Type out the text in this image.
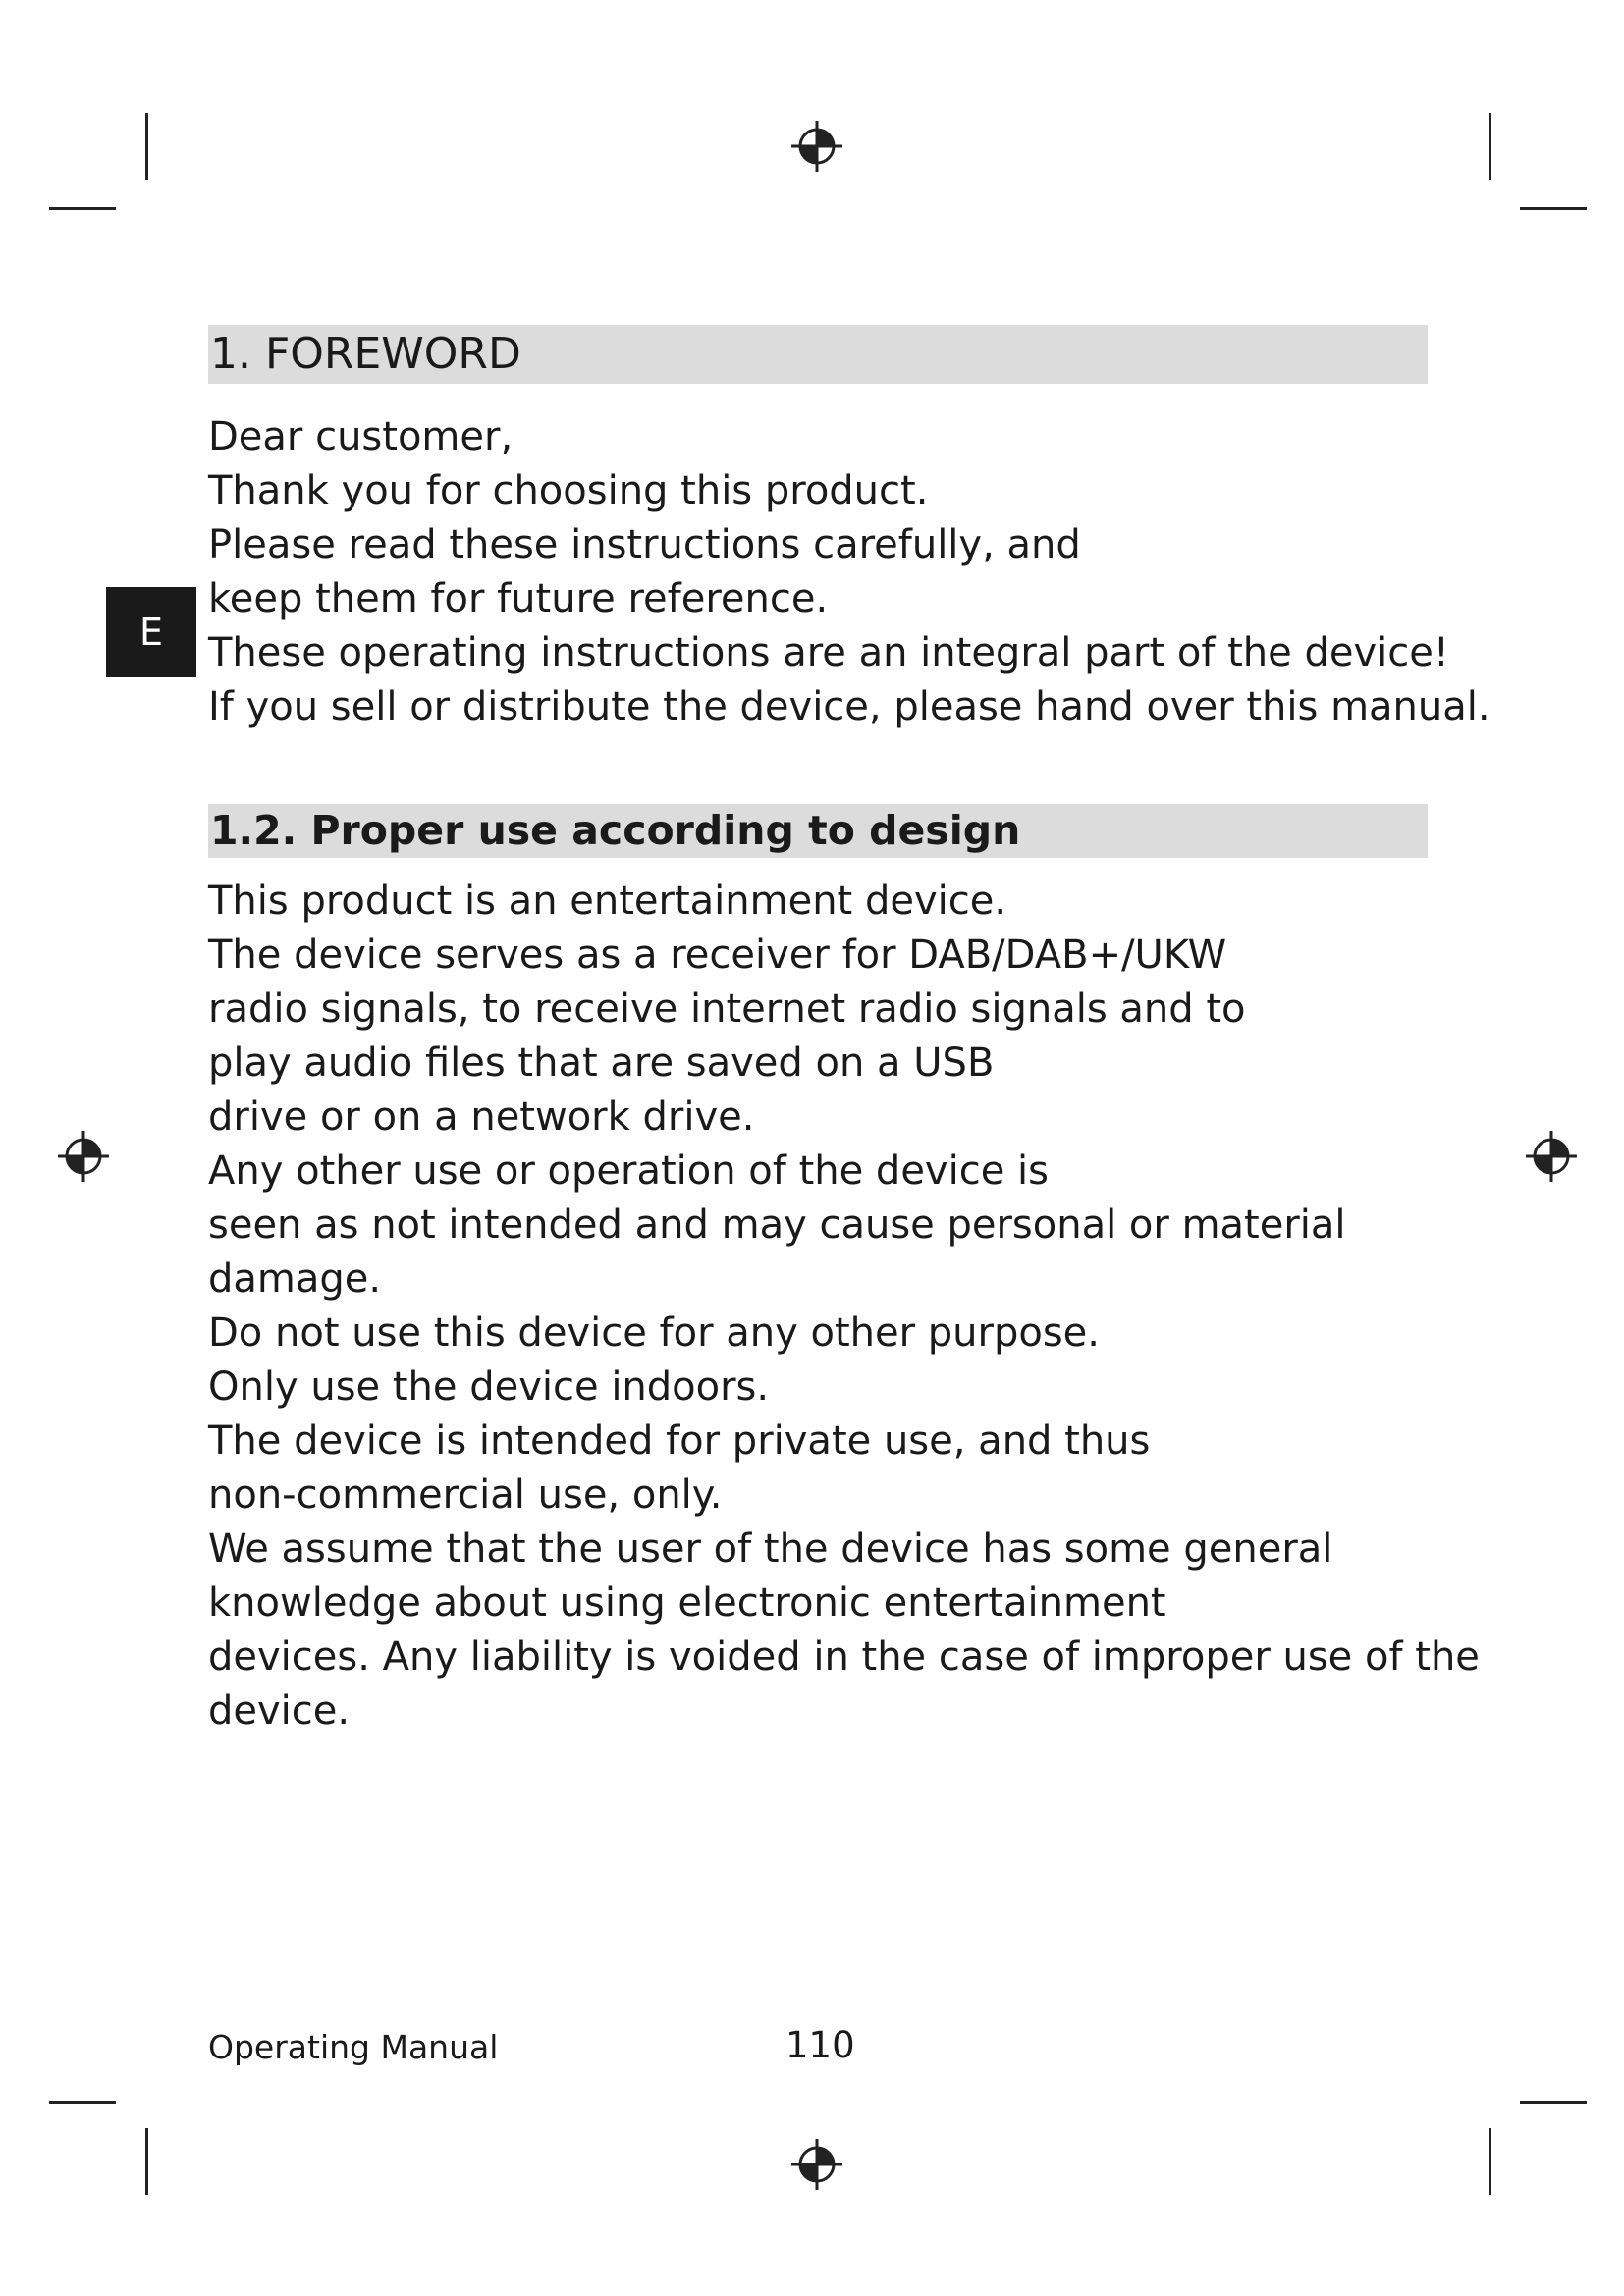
E
1. FOREWORD
Dear customer,
Thank you for choosing this product.
Please read these instructions carefully, and
keep them for future reference.
These operating instructions are an integral part of the device!
If you sell or distribute the device, please hand over this manual.
1.2. Proper use according to design
This product is an entertainment device.
The device serves as a receiver for DAB/DAB+/UKW
radio signals, to receive internet radio signals and to
play audio files that are saved on a USB
drive or on a network drive.
Any other use or operation of the device is
seen as not intended and may cause personal or material
damage.
Do not use this device for any other purpose.
Only use the device indoors.
The device is intended for private use, and thus
non-commercial use, only.
We assume that the user of the device has some general
knowledge about using electronic entertainment
devices. Any liability is voided in the case of improper use of the
device.
Operating Manual	110
